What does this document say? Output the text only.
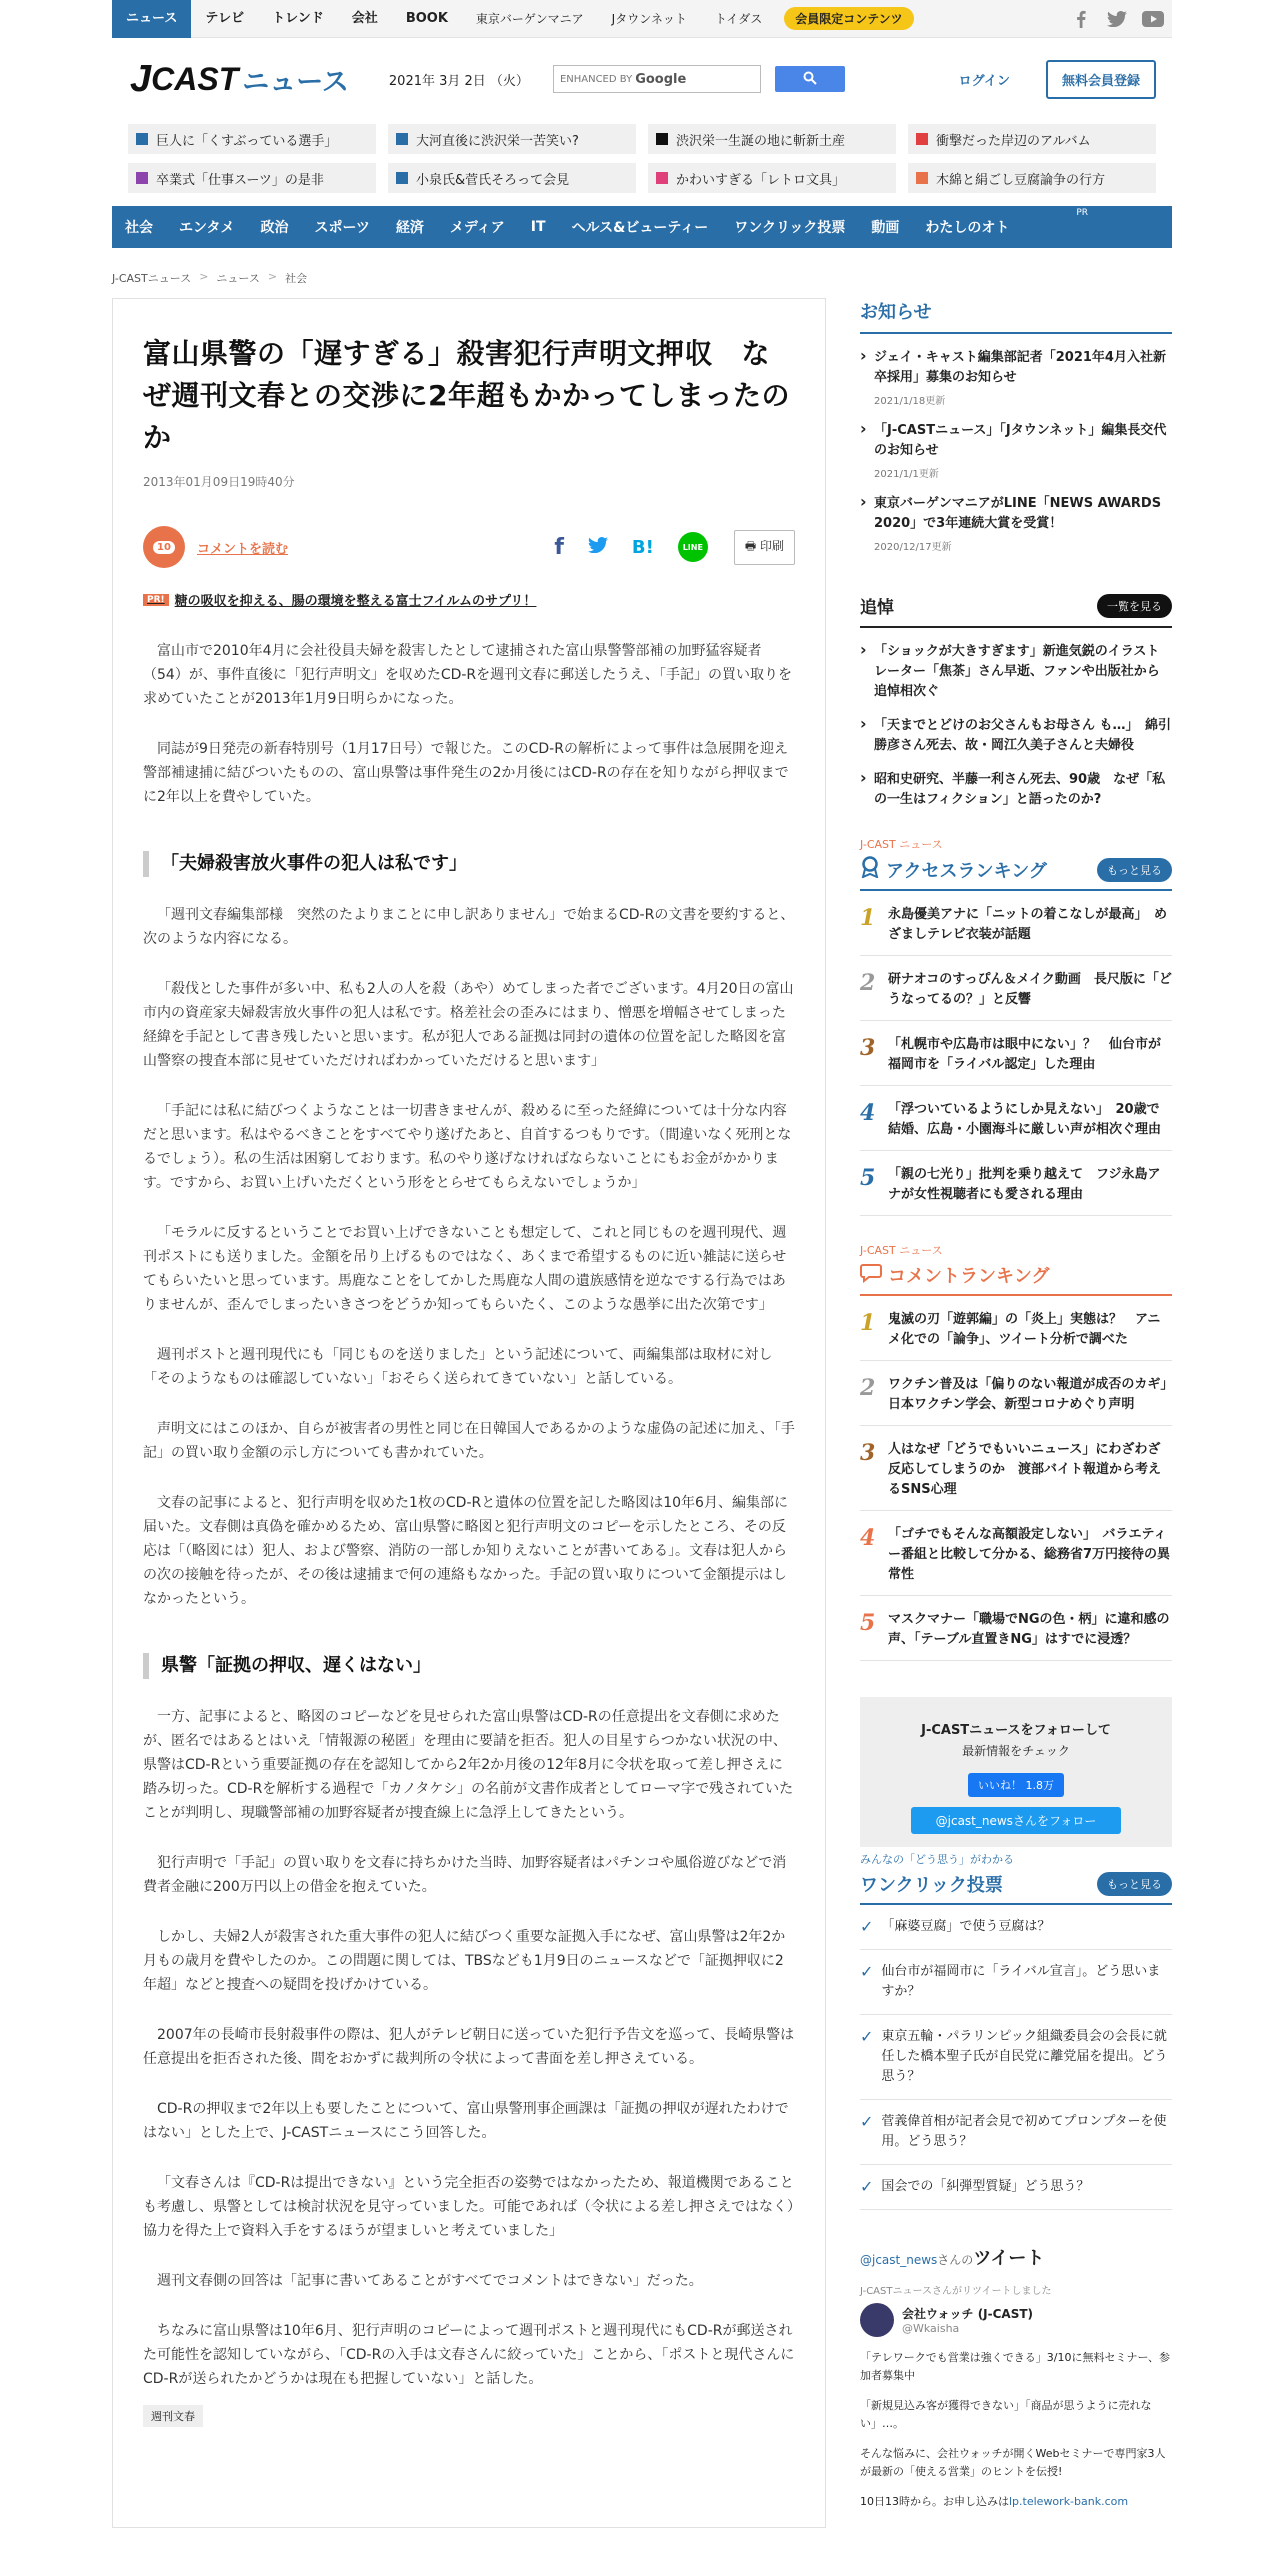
ニュース	テレビ	トレンド	会社	BOOK	東京バーゲンマニア	Jタウンネット	トイダス	会員限定コンテンツ
J CAST ニュース	2021年 3月 2日 （火）	ENHANCED BY Google	ログイン	無料会員登録
巨人に「くすぶっている選手」	大河直後に渋沢栄一苦笑い?	渋沢栄一生誕の地に斬新土産	衝撃だった岸辺のアルバム
卒業式「仕事スーツ」の是非	小泉氏&菅氏そろって会見	かわいすぎる「レトロ文具」	木綿と絹ごし豆腐論争の行方
社会	エンタメ	政治	スポーツ	経済	メディア	IT	ヘルス&ビューティー	ワンクリック投票	動画	わたしのオト
PR
J-CASTニュース > ニュース > 社会
富山県警の「遅すぎる」殺害犯行声明文押収　なぜ週刊文春との交渉に2年超もかかってしまったのか
2013年01月09日19時40分
10	コメントを読む	f	B!	LINE	🖶 印刷
PR! 糖の吸収を抑える、腸の環境を整える富士フイルムのサプリ！

富山市で2010年4月に会社役員夫婦を殺害したとして逮捕された富山県警警部補の加野猛容疑者（54）が、事件直後に「犯行声明文」を収めたCD-Rを週刊文春に郵送したうえ、「手記」の買い取りを求めていたことが2013年1月9日明らかになった。

同誌が9日発売の新春特別号（1月17日号）で報じた。このCD-Rの解析によって事件は急展開を迎え警部補逮捕に結びついたものの、富山県警は事件発生の2か月後にはCD-Rの存在を知りながら押収までに2年以上を費やしていた。

「夫婦殺害放火事件の犯人は私です」

「週刊文春編集部様　突然のたよりまことに申し訳ありません」で始まるCD-Rの文書を要約すると、次のような内容になる。

「殺伐とした事件が多い中、私も2人の人を殺（あや）めてしまった者でございます。4月20日の富山市内の資産家夫婦殺害放火事件の犯人は私です。格差社会の歪みにはまり、憎悪を増幅させてしまった経緯を手記として書き残したいと思います。私が犯人である証拠は同封の遺体の位置を記した略図を富山警察の捜査本部に見せていただければわかっていただけると思います」

「手記には私に結びつくようなことは一切書きませんが、殺めるに至った経緯については十分な内容だと思います。私はやるべきことをすべてやり遂げたあと、自首するつもりです。（間違いなく死刑となるでしょう）。私の生活は困窮しております。私のやり遂げなければならないことにもお金がかかります。ですから、お買い上げいただくという形をとらせてもらえないでしょうか」

「モラルに反するということでお買い上げできないことも想定して、これと同じものを週刊現代、週刊ポストにも送りました。金額を吊り上げるものではなく、あくまで希望するものに近い雑誌に送らせてもらいたいと思っています。馬鹿なことをしてかした馬鹿な人間の遺族感情を逆なでする行為ではありませんが、歪んでしまったいきさつをどうか知ってもらいたく、このような愚挙に出た次第です」

週刊ポストと週刊現代にも「同じものを送りました」という記述について、両編集部は取材に対し「そのようなものは確認していない」「おそらく送られてきていない」と話している。

声明文にはこのほか、自らが被害者の男性と同じ在日韓国人であるかのような虚偽の記述に加え、「手記」の買い取り金額の示し方についても書かれていた。

文春の記事によると、犯行声明を収めた1枚のCD-Rと遺体の位置を記した略図は10年6月、編集部に届いた。文春側は真偽を確かめるため、富山県警に略図と犯行声明文のコピーを示したところ、その反応は「（略図には）犯人、および警察、消防の一部しか知りえないことが書いてある」。文春は犯人からの次の接触を待ったが、その後は逮捕まで何の連絡もなかった。手記の買い取りについて金額提示はしなかったという。

県警「証拠の押収、遅くはない」

一方、記事によると、略図のコピーなどを見せられた富山県警はCD-Rの任意提出を文春側に求めたが、匿名ではあるとはいえ「情報源の秘匿」を理由に要請を拒否。犯人の目星すらつかない状況の中、県警はCD-Rという重要証拠の存在を認知してから2年2か月後の12年8月に令状を取って差し押さえに踏み切った。CD-Rを解析する過程で「カノタケシ」の名前が文書作成者としてローマ字で残されていたことが判明し、現職警部補の加野容疑者が捜査線上に急浮上してきたという。

犯行声明で「手記」の買い取りを文春に持ちかけた当時、加野容疑者はパチンコや風俗遊びなどで消費者金融に200万円以上の借金を抱えていた。

しかし、夫婦2人が殺害された重大事件の犯人に結びつく重要な証拠入手になぜ、富山県警は2年2か月もの歳月を費やしたのか。この問題に関しては、TBSなども1月9日のニュースなどで「証拠押収に2年超」などと捜査への疑問を投げかけている。

2007年の長崎市長射殺事件の際は、犯人がテレビ朝日に送っていた犯行予告文を巡って、長崎県警は任意提出を拒否された後、間をおかずに裁判所の令状によって書面を差し押さえている。

CD-Rの押収まで2年以上も要したことについて、富山県警刑事企画課は「証拠の押収が遅れたわけではない」とした上で、J-CASTニュースにこう回答した。

「文春さんは『CD-Rは提出できない』という完全拒否の姿勢ではなかったため、報道機関であることも考慮し、県警としては検討状況を見守っていました。可能であれば（令状による差し押さえではなく）協力を得た上で資料入手をするほうが望ましいと考えていました」

週刊文春側の回答は「記事に書いてあることがすべてでコメントはできない」だった。

ちなみに富山県警は10年6月、犯行声明のコピーによって週刊ポストと週刊現代にもCD-Rが郵送された可能性を認知していながら、「CD-Rの入手は文春さんに絞っていた」ことから、「ポストと現代さんにCD-Rが送られたかどうかは現在も把握していない」と話した。

週刊文春
お知らせ
› ジェイ・キャスト編集部記者「2021年4月入社新卒採用」募集のお知らせ
2021/1/18更新
› 「J-CASTニュース」「Jタウンネット」編集長交代のお知らせ
2021/1/1更新
› 東京バーゲンマニアがLINE「NEWS AWARDS 2020」で3年連続大賞を受賞！
2020/12/17更新
追悼	一覧を見る
› 「ショックが大きすぎます」新進気鋭のイラストレーター「焦茶」さん早逝、ファンや出版社から追悼相次ぐ
› 「天までとどけのお父さんもお母さん も…」　綿引勝彦さん死去、故・岡江久美子さんと夫婦役
› 昭和史研究、半藤一利さん死去、90歳　なぜ「私の一生はフィクション」と語ったのか?
J-CAST ニュース
アクセスランキング	もっと見る
1 永島優美アナに「ニットの着こなしが最高」　めざましテレビ衣装が話題
2 研ナオコのすっぴん＆メイク動画　長尺版に「どうなってるの？」と反響
3 「札幌市や広島市は眼中にない」？　仙台市が福岡市を「ライバル認定」した理由
4 「浮ついているようにしか見えない」　20歳で結婚、広島・小園海斗に厳しい声が相次ぐ理由
5 「親の七光り」批判を乗り越えて　フジ永島アナが女性視聴者にも愛される理由
J-CAST ニュース
コメントランキング
1 鬼滅の刃「遊郭編」の「炎上」実態は？　アニメ化での「論争」、ツイート分析で調べた
2 ワクチン普及は「偏りのない報道が成否のカギ」　日本ワクチン学会、新型コロナめぐり声明
3 人はなぜ「どうでもいいニュース」にわざわざ反応してしまうのか　渡部バイト報道から考えるSNS心理
4 「ゴチでもそんな高額設定しない」　バラエティー番組と比較して分かる、総務省7万円接待の異常性
5 マスクマナー「職場でNGの色・柄」に違和感の声、「テーブル直置きNG」はすでに浸透？
J-CASTニュースをフォローして
最新情報をチェック
いいね！ 1.8万
@jcast_newsさんをフォロー
みんなの「どう思う」がわかる
ワンクリック投票	もっと見る
✓ 「麻婆豆腐」で使う豆腐は？
✓ 仙台市が福岡市に「ライバル宣言」。どう思いますか？
✓ 東京五輪・パラリンピック組織委員会の会長に就任した橋本聖子氏が自民党に離党届を提出。どう思う？
✓ 菅義偉首相が記者会見で初めてプロンプターを使用。どう思う？
✓ 国会での「糾弾型質疑」どう思う？
@jcast_newsさんのツイート
J-CASTニュースさんがリツイートしました
会社ウォッチ (J-CAST)
@Wkaisha
「テレワークでも営業は強くできる」3/10に無料セミナー、参加者募集中
「新規見込み客が獲得できない」「商品が思うように売れない」…。
そんな悩みに、会社ウォッチが開くWebセミナーで専門家3人が最新の「使える営業」のヒントを伝授!
10日13時から。お申し込みはlp.telework-bank.com
